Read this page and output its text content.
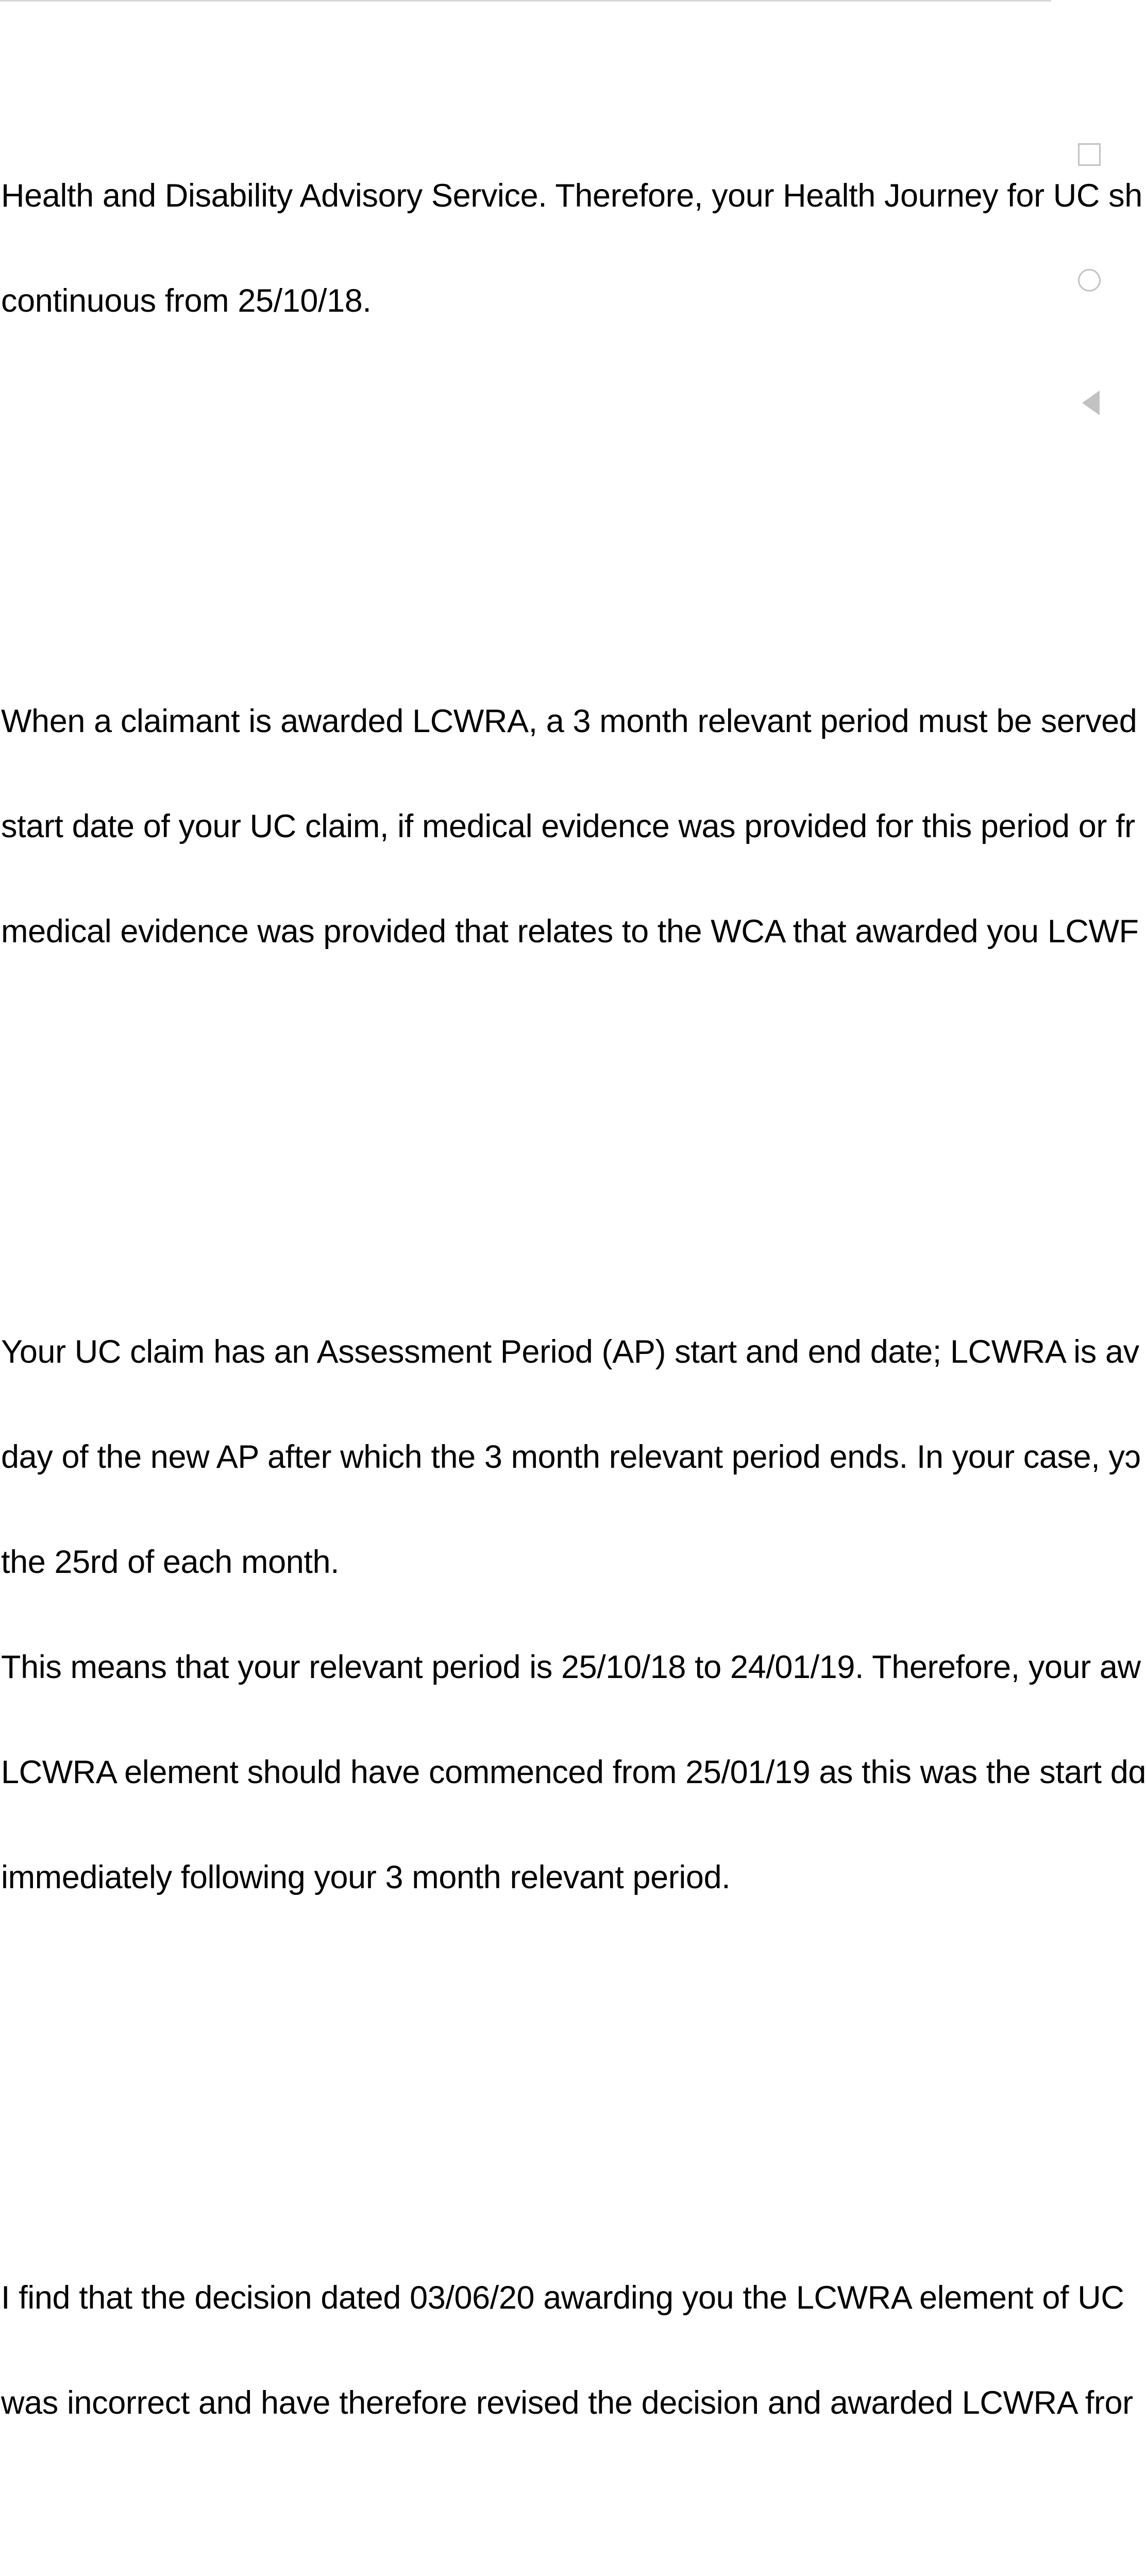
Health and Disability Advisory Service. Therefore, your Health Journey for UC sh

continuous from 25/10/18.

When a claimant is awarded LCWRA, a 3 month relevant period must be served

start date of your UC claim, if medical evidence was provided for this period or fr

medical evidence was provided that relates to the WCA that awarded you LCWF

Your UC claim has an Assessment Period (AP) start and end date; LCWRA is av

day of the new AP after which the 3 month relevant period ends. In your case, yɔ

the 25rd of each month.

This means that your relevant period is 25/10/18 to 24/01/19. Therefore, your aw

LCWRA element should have commenced from 25/01/19 as this was the start dɑ

immediately following your 3 month relevant period.

I find that the decision dated 03/06/20 awarding you the LCWRA element of UC

was incorrect and have therefore revised the decision and awarded LCWRA fror
